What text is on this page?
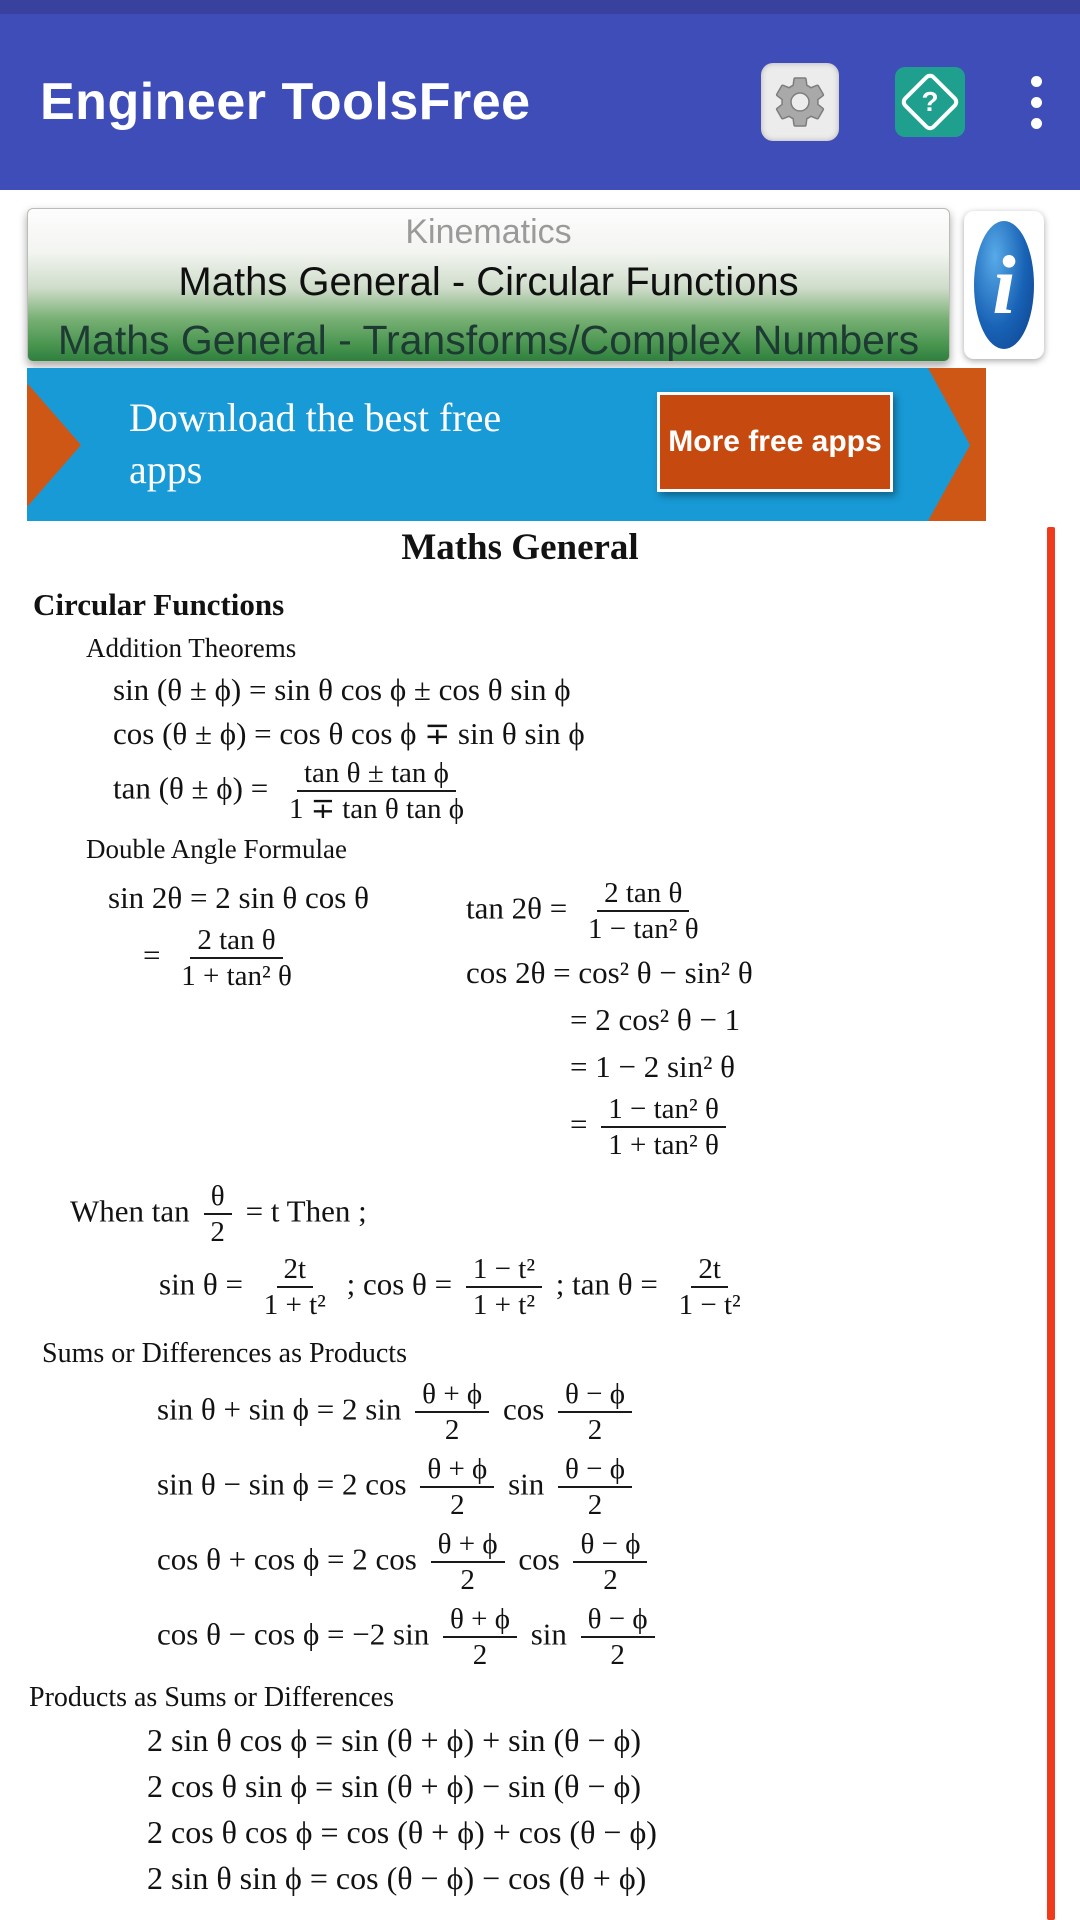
Engineer ToolsFree	?
Kinematics
Maths General - Circular Functions
Maths General - Transforms/Complex Numbers
i
Download the best free apps
More free apps
Maths General
Circular Functions
Addition Theorems
sin (θ ± ϕ) = sin θ cos ϕ ± cos θ sin ϕ
cos (θ ± ϕ) = cos θ cos ϕ ∓ sin θ sin ϕ
$\tan (\theta \pm \phi) = \frac{\text{tan θ ± tan ϕ}}{\text{1 ∓ tan θ tan ϕ}}$
Double Angle Formulae
sin 2θ = 2 sin θ cos θ
= $\frac{\text{2 tan θ}}{\text{1 + tan² θ}}$
$\tan 2\theta = \frac{\text{2 tan θ}}{\text{1 − tan² θ}}$
cos 2θ = cos² θ − sin² θ
= 2 cos² θ − 1
= 1 − 2 sin² θ
= $\frac{\text{1 − tan² θ}}{\text{1 + tan² θ}}$
When $\tan \frac{\theta}{2} = t$ Then ;
$\sin \theta = \frac{2t}{\text{1 + t²}}$ ; $\cos \theta = \frac{\text{1 − t²}}{\text{1 + t²}}$ ; $\tan \theta = \frac{2t}{\text{1 − t²}}$
Sums or Differences as Products
sin θ + sin ϕ = 2 $\sin \frac{\theta + \phi}{2}$ $\cos \frac{\theta - \phi}{2}$
sin θ − sin ϕ = 2 $\cos \frac{\theta + \phi}{2}$ $\sin \frac{\theta - \phi}{2}$
cos θ + cos ϕ = 2 $\cos \frac{\theta + \phi}{2}$ $\cos \frac{\theta - \phi}{2}$
cos θ − cos ϕ = −2 $\sin \frac{\theta + \phi}{2}$ $\sin \frac{\theta - \phi}{2}$
Products as Sums or Differences
2 sin θ cos ϕ = sin (θ + ϕ) + sin (θ − ϕ)
2 cos θ sin ϕ = sin (θ + ϕ) − sin (θ − ϕ)
2 cos θ cos ϕ = cos (θ + ϕ) + cos (θ − ϕ)
2 sin θ sin ϕ = cos (θ − ϕ) − cos (θ + ϕ)
